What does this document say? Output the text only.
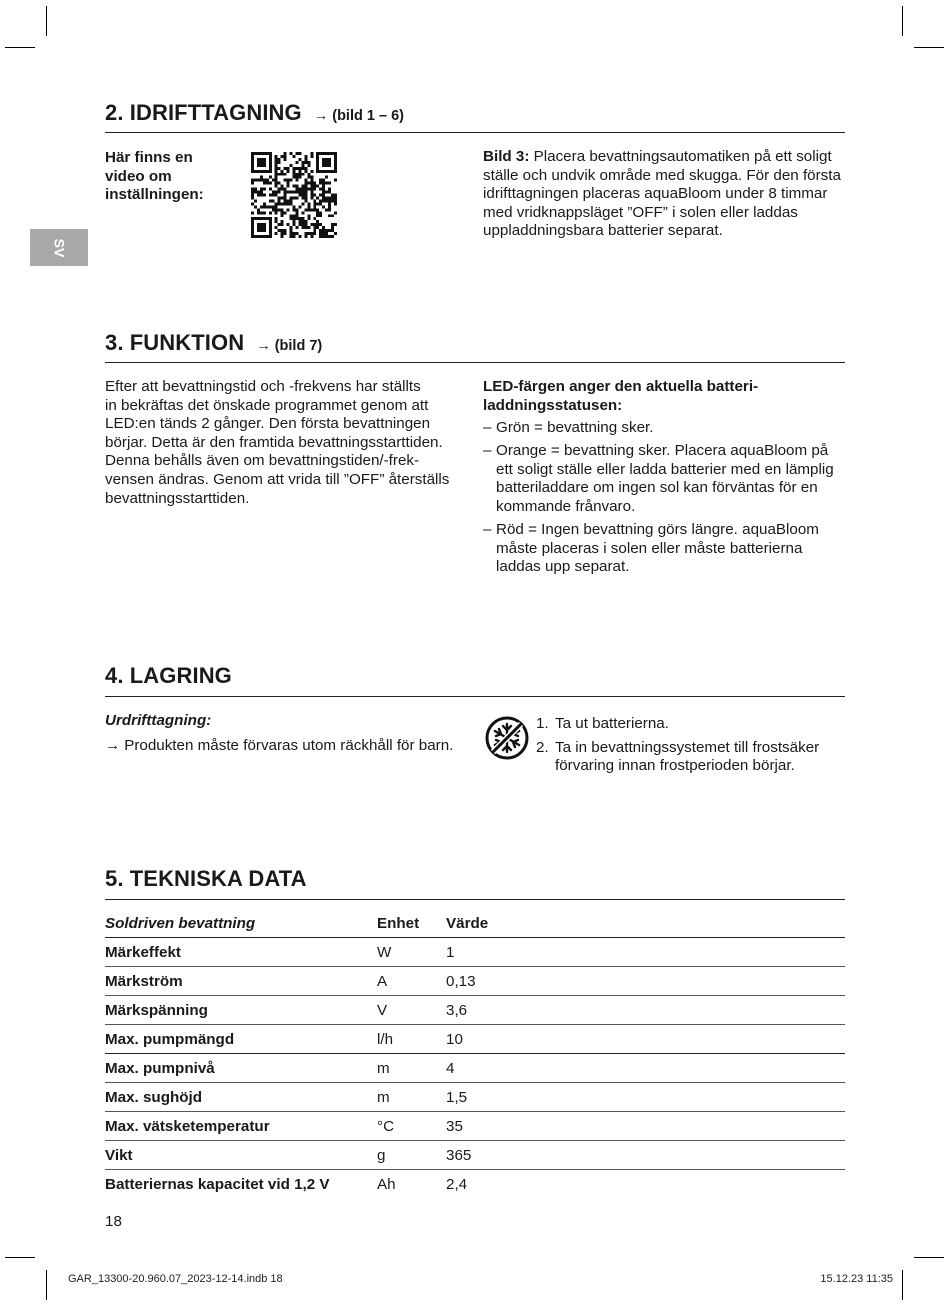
SV
2. IDRIFTTAGNING → (bild 1 – 6)
Här finns en
video om
inställningen:
Bild 3: Placera bevattningsautomatiken på ett soligt ställe och undvik område med skugga. För den första idrifttagningen placeras aquaBloom under 8 timmar med vridknappsläget ”OFF” i solen eller laddas uppladdningsbara batterier separat.
3. FUNKTION → (bild 7)
Efter att bevattningstid och -frekvens har ställts
in bekräftas det önskade programmet genom att
LED:en tänds 2 gånger. Den första bevattningen
börjar. Detta är den framtida bevattningsstarttiden.
Denna behålls även om bevattningstiden/-frek-
vensen ändras. Genom att vrida till ”OFF” återställs
bevattningsstarttiden.
LED-färgen anger den aktuella batteri-
laddningsstatusen:
– Grön = bevattning sker.
– Orange = bevattning sker. Placera aquaBloom på ett soligt ställe eller ladda batterier med en lämplig batteriladdare om ingen sol kan förväntas för en kommande frånvaro.
– Röd = Ingen bevattning görs längre. aquaBloom måste placeras i solen eller måste batterierna laddas upp separat.
4. LAGRING
Urdrifttagning:
→ Produkten måste förvaras utom räckhåll för barn.
1. Ta ut batterierna.
2. Ta in bevattningssystemet till frostsäker förvaring innan frostperioden börjar.
5. TEKNISKA DATA
Soldriven bevattning	Enhet	Värde
Märkeffekt	W	1
Märkström	A	0,13
Märkspänning	V	3,6
Max. pumpmängd	l/h	10
Max. pumpnivå	m	4
Max. sughöjd	m	1,5
Max. vätsketemperatur	°C	35
Vikt	g	365
Batteriernas kapacitet vid 1,2 V	Ah	2,4
18
GAR_13300-20.960.07_2023-12-14.indb 18	15.12.23 11:35
